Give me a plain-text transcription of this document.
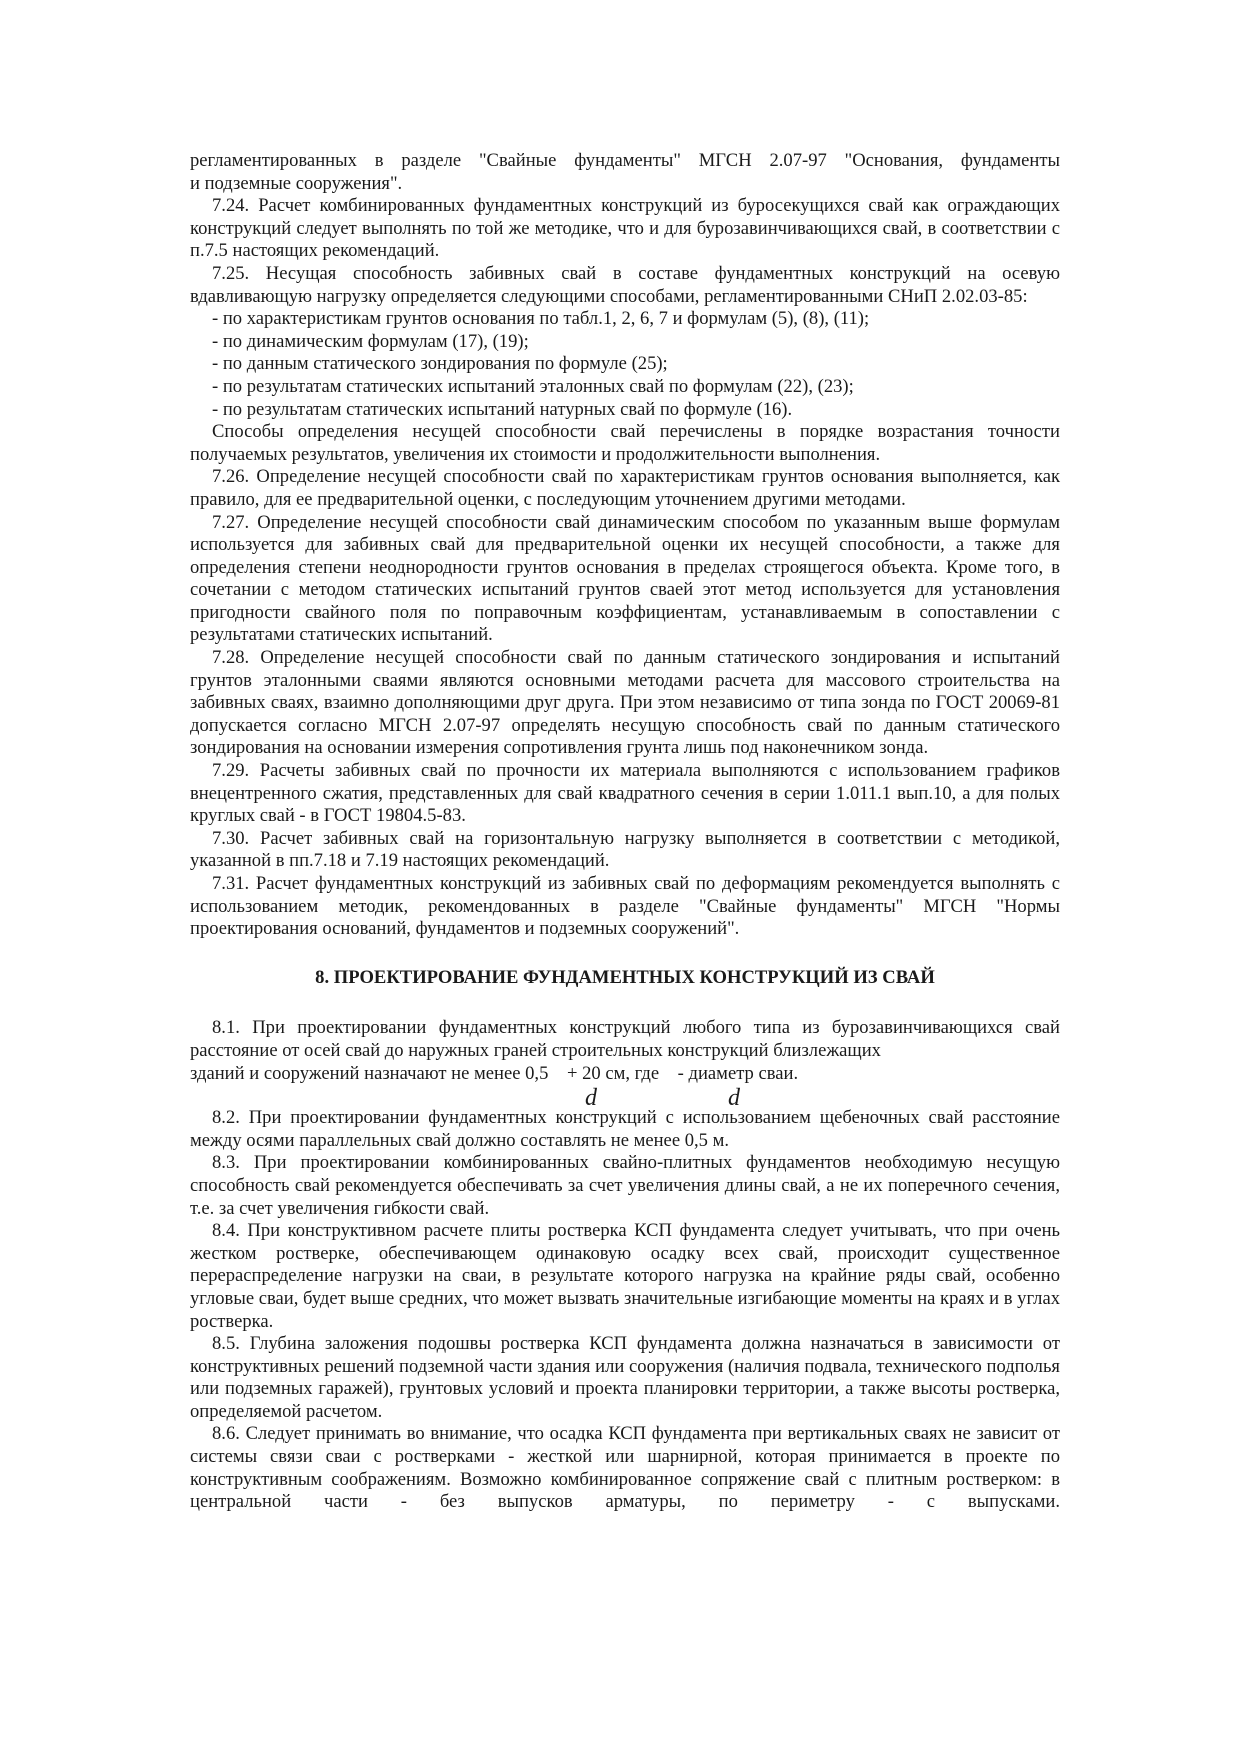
регламентированных в разделе "Свайные фундаменты" МГСН 2.07-97 "Основания, фундаменты

и подземные сооружения".

7.24. Расчет комбинированных фундаментных конструкций из буросекущихся свай как ограждающих конструкций следует выполнять по той же методике, что и для бурозавинчивающихся свай, в соответствии с п.7.5 настоящих рекомендаций.

7.25. Несущая способность забивных свай в составе фундаментных конструкций на осевую вдавливающую нагрузку определяется следующими способами, регламентированными СНиП 2.02.03-85:

- по характеристикам грунтов основания по табл.1, 2, 6, 7 и формулам (5), (8), (11);

- по динамическим формулам (17), (19);

- по данным статического зондирования по формуле (25);

- по результатам статических испытаний эталонных свай по формулам (22), (23);

- по результатам статических испытаний натурных свай по формуле (16).

Способы определения несущей способности свай перечислены в порядке возрастания точности получаемых результатов, увеличения их стоимости и продолжительности выполнения.

7.26. Определение несущей способности свай по характеристикам грунтов основания выполняется, как правило, для ее предварительной оценки, с последующим уточнением другими методами.

7.27. Определение несущей способности свай динамическим способом по указанным выше формулам используется для забивных свай для предварительной оценки их несущей способности, а также для определения степени неоднородности грунтов основания в пределах строящегося объекта. Кроме того, в сочетании с методом статических испытаний грунтов сваей этот метод используется для установления пригодности свайного поля по поправочным коэффициентам, устанавливаемым в сопоставлении с результатами статических испытаний.

7.28. Определение несущей способности свай по данным статического зондирования и испытаний грунтов эталонными сваями являются основными методами расчета для массового строительства на забивных сваях, взаимно дополняющими друг друга. При этом независимо от типа зонда по ГОСТ 20069-81 допускается согласно МГСН 2.07-97 определять несущую способность свай по данным статического зондирования на основании измерения сопротивления грунта лишь под наконечником зонда.

7.29. Расчеты забивных свай по прочности их материала выполняются с использованием графиков внецентренного сжатия, представленных для свай квадратного сечения в серии 1.011.1 вып.10, а для полых круглых свай - в ГОСТ 19804.5-83.

7.30. Расчет забивных свай на горизонтальную нагрузку выполняется в соответствии с методикой, указанной в пп.7.18 и 7.19 настоящих рекомендаций.

7.31. Расчет фундаментных конструкций из забивных свай по деформациям рекомендуется выполнять с использованием методик, рекомендованных в разделе "Свайные фундаменты" МГСН "Нормы проектирования оснований, фундаментов и подземных сооружений".

8. ПРОЕКТИРОВАНИЕ ФУНДАМЕНТНЫХ КОНСТРУКЦИЙ ИЗ СВАЙ

8.1. При проектировании фундаментных конструкций любого типа из бурозавинчивающихся свай расстояние от осей свай до наружных граней строительных конструкций близлежащих

зданий и сооружений назначают не менее 0,5    + 20 см, где    - диаметр сваи.

d	d

8.2. При проектировании фундаментных конструкций с использованием щебеночных свай расстояние между осями параллельных свай должно составлять не менее 0,5 м.

8.3. При проектировании комбинированных свайно-плитных фундаментов необходимую несущую способность свай рекомендуется обеспечивать за счет увеличения длины свай, а не их поперечного сечения, т.е. за счет увеличения гибкости свай.

8.4. При конструктивном расчете плиты ростверка КСП фундамента следует учитывать, что при очень жестком ростверке, обеспечивающем одинаковую осадку всех свай, происходит существенное перераспределение нагрузки на сваи, в результате которого нагрузка на крайние ряды свай, особенно угловые сваи, будет выше средних, что может вызвать значительные изгибающие моменты на краях и в углах ростверка.

8.5. Глубина заложения подошвы ростверка КСП фундамента должна назначаться в зависимости от конструктивных решений подземной части здания или сооружения (наличия подвала, технического подполья или подземных гаражей), грунтовых условий и проекта планировки территории, а также высоты ростверка, определяемой расчетом.

8.6. Следует принимать во внимание, что осадка КСП фундамента при вертикальных сваях не зависит от системы связи сваи с ростверками - жесткой или шарнирной, которая принимается в проекте по конструктивным соображениям. Возможно комбинированное сопряжение свай с плитным ростверком: в центральной части - без выпусков арматуры, по периметру - с выпусками.
